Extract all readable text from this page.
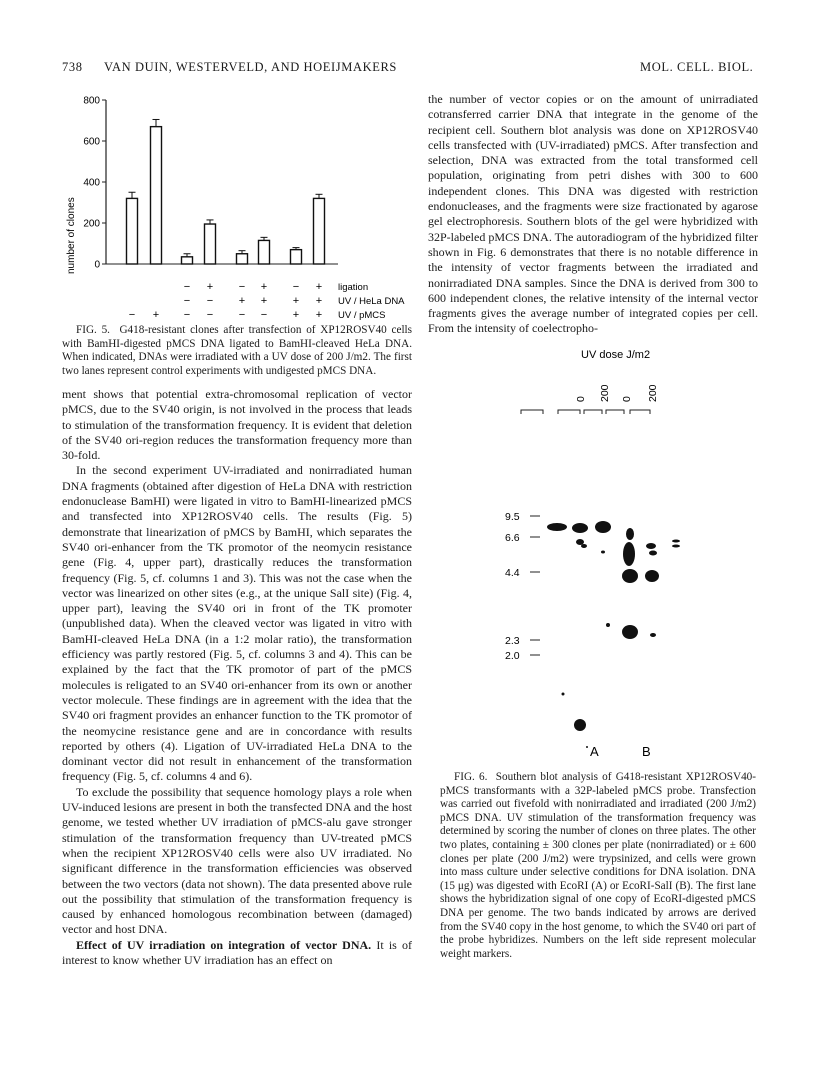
738 VAN DUIN, WESTERVELD, AND HOEIJMAKERS	MOL. CELL. BIOL.
number of clones 0
200
400
600
800
− + − + − + ligation
− − + + + + UV / HeLa DNA
− + − − − − + + UV / pMCS

FIG. 5. G418-resistant clones after transfection of XP12ROSV40 cells with BamHI-digested pMCS DNA ligated to BamHI-cleaved HeLa DNA. When indicated, DNAs were irradiated with a UV dose of 200 J/m2. The first two lanes represent control experiments with undigested pMCS DNA.

ment shows that potential extra-chromosomal replication of vector pMCS, due to the SV40 origin, is not involved in the process that leads to stimulation of the transformation frequency. It is evident that deletion of the SV40 ori-region reduces the transformation frequency more than 30-fold.

In the second experiment UV-irradiated and nonirradiated human DNA fragments (obtained after digestion of HeLa DNA with restriction endonuclease BamHI) were ligated in vitro to BamHI-linearized pMCS and transfected into XP12ROSV40 cells. The results (Fig. 5) demonstrate that linearization of pMCS by BamHI, which separates the SV40 ori-enhancer from the TK promotor of the neomycin resistance gene (Fig. 4, upper part), drastically reduces the transformation frequency (Fig. 5, cf. columns 1 and 3). This was not the case when the vector was linearized on other sites (e.g., at the unique SalI site) (Fig. 4, upper part), leaving the SV40 ori in front of the TK promoter (unpublished data). When the cleaved vector was ligated in vitro with BamHI-cleaved HeLa DNA (in a 1:2 molar ratio), the transformation efficiency was partly restored (Fig. 5, cf. columns 3 and 4). This can be explained by the fact that the TK promotor of part of the pMCS molecules is religated to an SV40 ori-enhancer from its own or another vector molecule. These findings are in agreement with the idea that the SV40 ori fragment provides an enhancer function to the TK promotor of the neomycine resistance gene and are in concordance with results reported by others (4). Ligation of UV-irradiated HeLa DNA to the dominant vector did not result in enhancement of the transformation frequency (Fig. 5, cf. columns 4 and 6).

To exclude the possibility that sequence homology plays a role when UV-induced lesions are present in both the transfected DNA and the host genome, we tested whether UV irradiation of pMCS-alu gave stronger stimulation of the transformation frequency than UV-treated pMCS when the recipient XP12ROSV40 cells were also UV irradiated. No significant difference in the transformation efficiencies was observed between the two vectors (data not shown). The data presented above rule out the possibility that stimulation of the transformation frequency is caused by enhanced homologous recombination between (damaged) vector and host DNA.

Effect of UV irradiation on integration of vector DNA. It is of interest to know whether UV irradiation has an effect on

the number of vector copies or on the amount of unirradiated cotransferred carrier DNA that integrate in the genome of the recipient cell. Southern blot analysis was done on XP12ROSV40 cells transfected with (UV-irradiated) pMCS. After transfection and selection, DNA was extracted from the total transformed cell population, originating from petri dishes with 300 to 600 independent clones. This DNA was digested with restriction endonucleases, and the fragments were size fractionated by agarose gel electrophoresis. Southern blots of the gel were hybridized with 32P-labeled pMCS DNA. The autoradiogram of the hybridized filter shown in Fig. 6 demonstrates that there is no notable difference in the intensity of vector fragments between the irradiated and nonirradiated DNA samples. Since the DNA is derived from 300 to 600 independent clones, the relative intensity of the internal vector fragments gives the average number of integrated copies per cell. From the intensity of coelectropho-

UV dose J/m2
0 200 0 200
9.5
6.6
4.4
2.3
2.0
A	B

FIG. 6. Southern blot analysis of G418-resistant XP12ROSV40-pMCS transformants with a 32P-labeled pMCS probe. Transfection was carried out fivefold with nonirradiated and irradiated (200 J/m2) pMCS DNA. UV stimulation of the transformation frequency was determined by scoring the number of clones on three plates. The other two plates, containing ± 300 clones per plate (nonirradiated) or ± 600 clones per plate (200 J/m2) were trypsinized, and cells were grown into mass culture under selective conditions for DNA isolation. DNA (15 μg) was digested with EcoRI (A) or EcoRI-SalI (B). The first lane shows the hybridization signal of one copy of EcoRI-digested pMCS DNA per genome. The two bands indicated by arrows are derived from the SV40 copy in the host genome, to which the SV40 ori part of the probe hybridizes. Numbers on the left side represent molecular weight markers.
